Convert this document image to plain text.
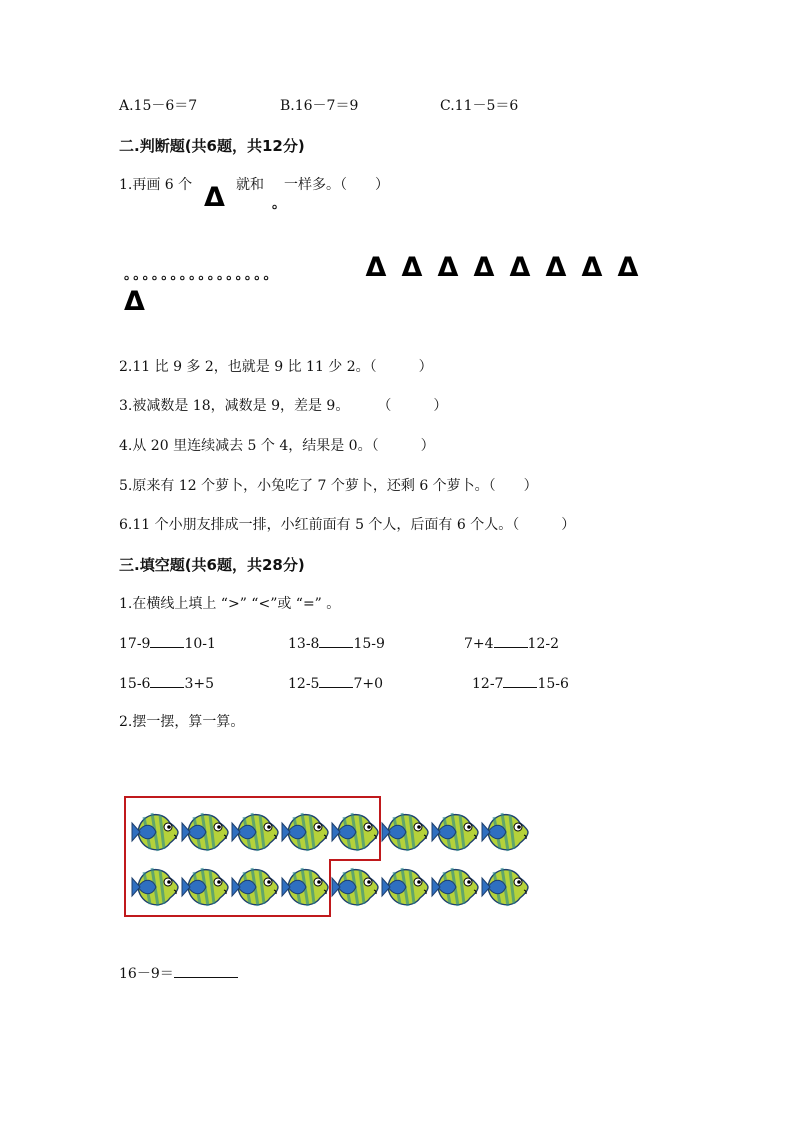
A.15－6＝7	B.16－7＝9	C.11－5＝6
二.判断题(共6题，共12分)
1.再画 6 个 Δ 就和
。
一样多。（　　）
。。。。。。。。。。。。。。。。	Δ Δ Δ Δ Δ Δ Δ Δ
Δ
2.11 比 9 多 2，也就是 9 比 11 少 2。（　　　）
3.被减数是 18，减数是 9，差是 9。　　　（　　　）
4.从 20 里连续减去 5 个 4，结果是 0。（　　　）
5.原来有 12 个萝卜，小兔吃了 7 个萝卜，还剩 6 个萝卜。（　　）
6.11 个小朋友排成一排，小红前面有 5 个人，后面有 6 个人。（　　　）
三.填空题(共6题，共28分)
1.在横线上填上 “>” “<”或 “=” 。
17-9 10-1	13-8 15-9	7+4 12-2
15-6 3+5	12-5 7+0	12-7 15-6
2.摆一摆，算一算。
16－9＝
